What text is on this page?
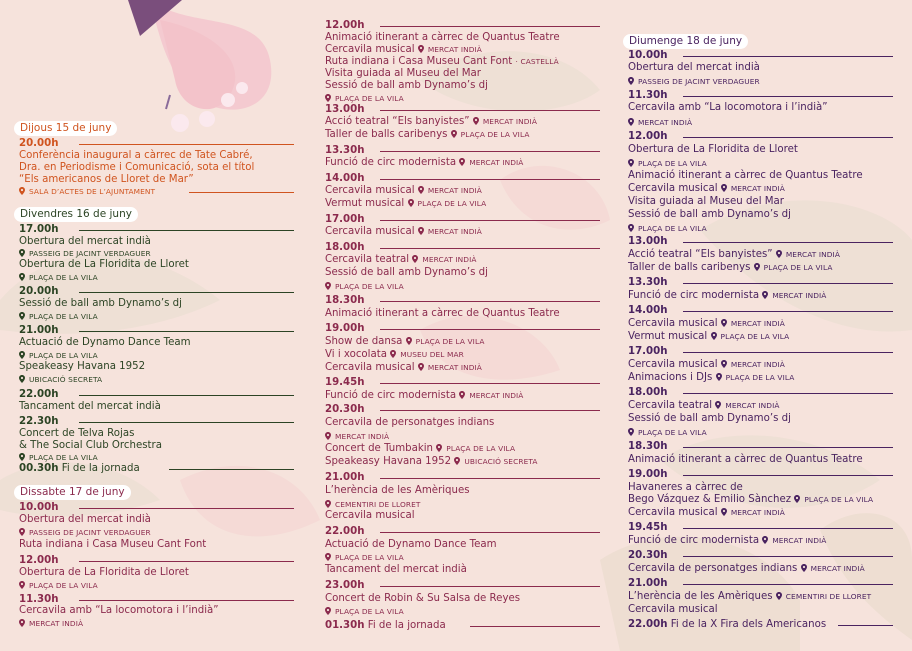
Dijous 15 de juny
20.00h
Conferència inaugural a càrrec de Tate Cabré,
Dra. en Periodisme i Comunicació, sota el títol
“Els americanos de Lloret de Mar”
SALA D’ACTES DE L’AJUNTAMENT
Divendres 16 de juny
17.00h
Obertura del mercat indià
PASSEIG DE JACINT VERDAGUER
Obertura de La Floridita de Lloret
PLAÇA DE LA VILA
20.00h
Sessió de ball amb Dynamo’s dj
PLAÇA DE LA VILA
21.00h
Actuació de Dynamo Dance Team
PLAÇA DE LA VILA
Speakeasy Havana 1952
UBICACIÓ SECRETA
22.00h
Tancament del mercat indià
22.30h
Concert de Telva Rojas
& The Social Club Orchestra
PLAÇA DE LA VILA
00.30h Fi de la jornada
Dissabte 17 de juny
10.00h
Obertura del mercat indià
PASSEIG DE JACINT VERDAGUER
Ruta indiana i Casa Museu Cant Font
12.00h
Obertura de La Floridita de Lloret
PLAÇA DE LA VILA
11.30h
Cercavila amb “La locomotora i l’indià”
MERCAT INDIÀ
12.00h
Animació itinerant a càrrec de Quantus Teatre
Cercavila musical MERCAT INDIÀ
Ruta indiana i Casa Museu Cant Font · CASTELLÀ
Visita guiada al Museu del Mar
Sessió de ball amb Dynamo’s dj
PLAÇA DE LA VILA
13.00h
Acció teatral “Els banyistes” MERCAT INDIÀ
Taller de balls caribenys PLAÇA DE LA VILA
13.30h
Funció de circ modernista MERCAT INDIÀ
14.00h
Cercavila musical MERCAT INDIÀ
Vermut musical PLAÇA DE LA VILA
17.00h
Cercavila musical MERCAT INDIÀ
18.00h
Cercavila teatral MERCAT INDIÀ
Sessió de ball amb Dynamo’s dj
PLAÇA DE LA VILA
18.30h
Animació itinerant a càrrec de Quantus Teatre
19.00h
Show de dansa PLAÇA DE LA VILA
Vi i xocolata MUSEU DEL MAR
Cercavila musical MERCAT INDIÀ
19.45h
Funció de circ modernista MERCAT INDIÀ
20.30h
Cercavila de personatges indians
MERCAT INDIÀ
Concert de Tumbakin PLAÇA DE LA VILA
Speakeasy Havana 1952 UBICACIÓ SECRETA
21.00h
L’herència de les Amèriques
CEMENTIRI DE LLORET
Cercavila musical
22.00h
Actuació de Dynamo Dance Team
PLAÇA DE LA VILA
Tancament del mercat indià
23.00h
Concert de Robin & Su Salsa de Reyes
PLAÇA DE LA VILA
01.30h Fi de la jornada
Diumenge 18 de juny
10.00h
Obertura del mercat indià
PASSEIG DE JACINT VERDAGUER
11.30h
Cercavila amb “La locomotora i l’indià”
MERCAT INDIÀ
12.00h
Obertura de La Floridita de Lloret
PLAÇA DE LA VILA
Animació itinerant a càrrec de Quantus Teatre
Cercavila musical MERCAT INDIÀ
Visita guiada al Museu del Mar
Sessió de ball amb Dynamo’s dj
PLAÇA DE LA VILA
13.00h
Acció teatral “Els banyistes” MERCAT INDIÀ
Taller de balls caribenys PLAÇA DE LA VILA
13.30h
Funció de circ modernista MERCAT INDIÀ
14.00h
Cercavila musical MERCAT INDIÀ
Vermut musical PLAÇA DE LA VILA
17.00h
Cercavila musical MERCAT INDIÀ
Animacions i DJs PLAÇA DE LA VILA
18.00h
Cercavila teatral MERCAT INDIÀ
Sessió de ball amb Dynamo’s dj
PLAÇA DE LA VILA
18.30h
Animació itinerant a càrrec de Quantus Teatre
19.00h
Havaneres a càrrec de
Bego Vázquez & Emilio Sànchez PLAÇA DE LA VILA
Cercavila musical MERCAT INDIÀ
19.45h
Funció de circ modernista MERCAT INDIÀ
20.30h
Cercavila de personatges indians MERCAT INDIÀ
21.00h
L’herència de les Amèriques CEMENTIRI DE LLORET
Cercavila musical
22.00h Fi de la X Fira dels Americanos
